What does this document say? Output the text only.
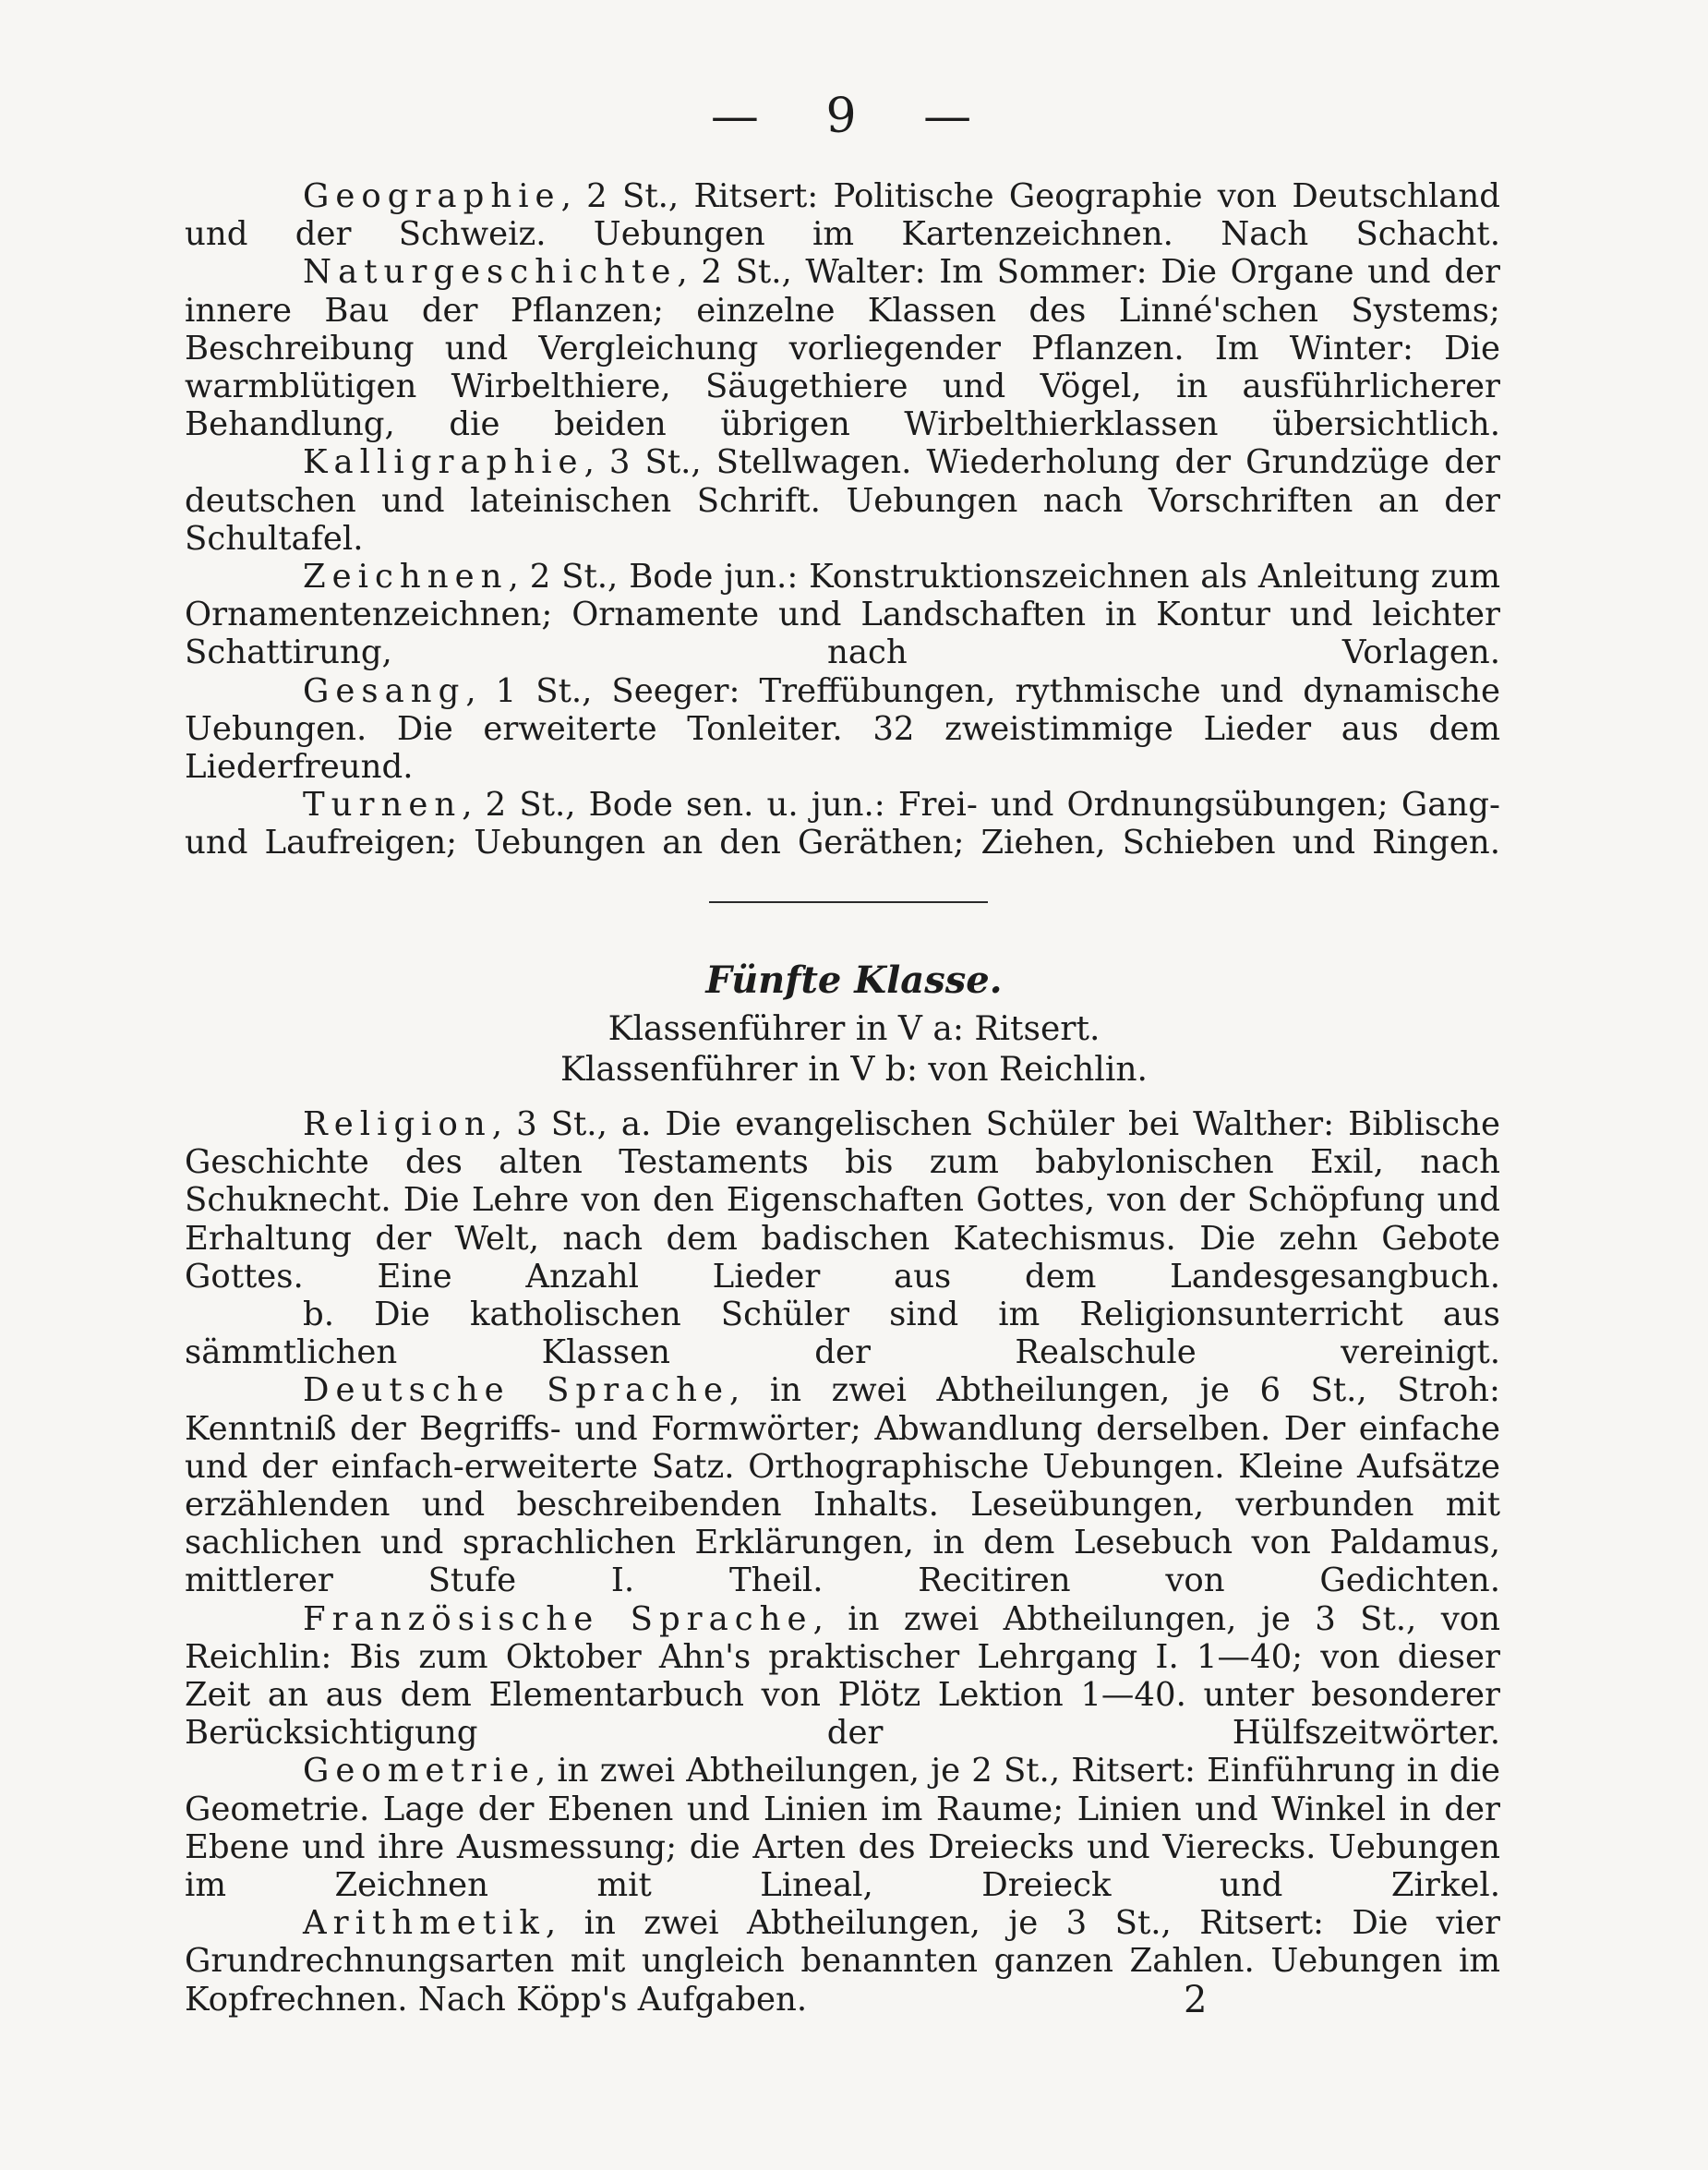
— 9 —

Geographie, 2 St., Ritsert: Politische Geographie von Deutschland und der Schweiz. Uebungen im Kartenzeichnen. Nach Schacht.

Naturgeschichte, 2 St., Walter: Im Sommer: Die Organe und der innere Bau der Pflanzen; einzelne Klassen des Linné'schen Systems; Beschreibung und Vergleichung vorliegender Pflanzen. Im Winter: Die warmblütigen Wirbelthiere, Säugethiere und Vögel, in ausführlicherer Behandlung, die beiden übrigen Wirbelthierklassen übersichtlich.

Kalligraphie, 3 St., Stellwagen. Wiederholung der Grundzüge der deutschen und lateinischen Schrift. Uebungen nach Vorschriften an der Schultafel.

Zeichnen, 2 St., Bode jun.: Konstruktionszeichnen als Anleitung zum Ornamentenzeichnen; Ornamente und Landschaften in Kontur und leichter Schattirung, nach Vorlagen.

Gesang, 1 St., Seeger: Treffübungen, rythmische und dynamische Uebungen. Die erweiterte Tonleiter. 32 zweistimmige Lieder aus dem Liederfreund.

Turnen, 2 St., Bode sen. u. jun.: Frei- und Ordnungsübungen; Gang- und Laufreigen; Uebungen an den Geräthen; Ziehen, Schieben und Ringen.

Fünfte Klasse.
Klassenführer in V a: Ritsert.
Klassenführer in V b: von Reichlin.

Religion, 3 St., a. Die evangelischen Schüler bei Walther: Biblische Geschichte des alten Testaments bis zum babylonischen Exil, nach Schuknecht. Die Lehre von den Eigenschaften Gottes, von der Schöpfung und Erhaltung der Welt, nach dem badischen Katechismus. Die zehn Gebote Gottes. Eine Anzahl Lieder aus dem Landesgesangbuch.

b. Die katholischen Schüler sind im Religionsunterricht aus sämmtlichen Klassen der Realschule vereinigt.

Deutsche Sprache, in zwei Abtheilungen, je 6 St., Stroh: Kenntniß der Begriffs- und Formwörter; Abwandlung derselben. Der einfache und der einfach-erweiterte Satz. Orthographische Uebungen. Kleine Aufsätze erzählenden und beschreibenden Inhalts. Leseübungen, verbunden mit sachlichen und sprachlichen Erklärungen, in dem Lesebuch von Paldamus, mittlerer Stufe I. Theil. Recitiren von Gedichten.

Französische Sprache, in zwei Abtheilungen, je 3 St., von Reichlin: Bis zum Oktober Ahn's praktischer Lehrgang I. 1—40; von dieser Zeit an aus dem Elementarbuch von Plötz Lektion 1—40. unter besonderer Berücksichtigung der Hülfszeitwörter.

Geometrie, in zwei Abtheilungen, je 2 St., Ritsert: Einführung in die Geometrie. Lage der Ebenen und Linien im Raume; Linien und Winkel in der Ebene und ihre Ausmessung; die Arten des Dreiecks und Vierecks. Uebungen im Zeichnen mit Lineal, Dreieck und Zirkel.

Arithmetik, in zwei Abtheilungen, je 3 St., Ritsert: Die vier Grundrechnungsarten mit ungleich benannten ganzen Zahlen. Uebungen im Kopfrechnen. Nach Köpp's Aufgaben.	2
